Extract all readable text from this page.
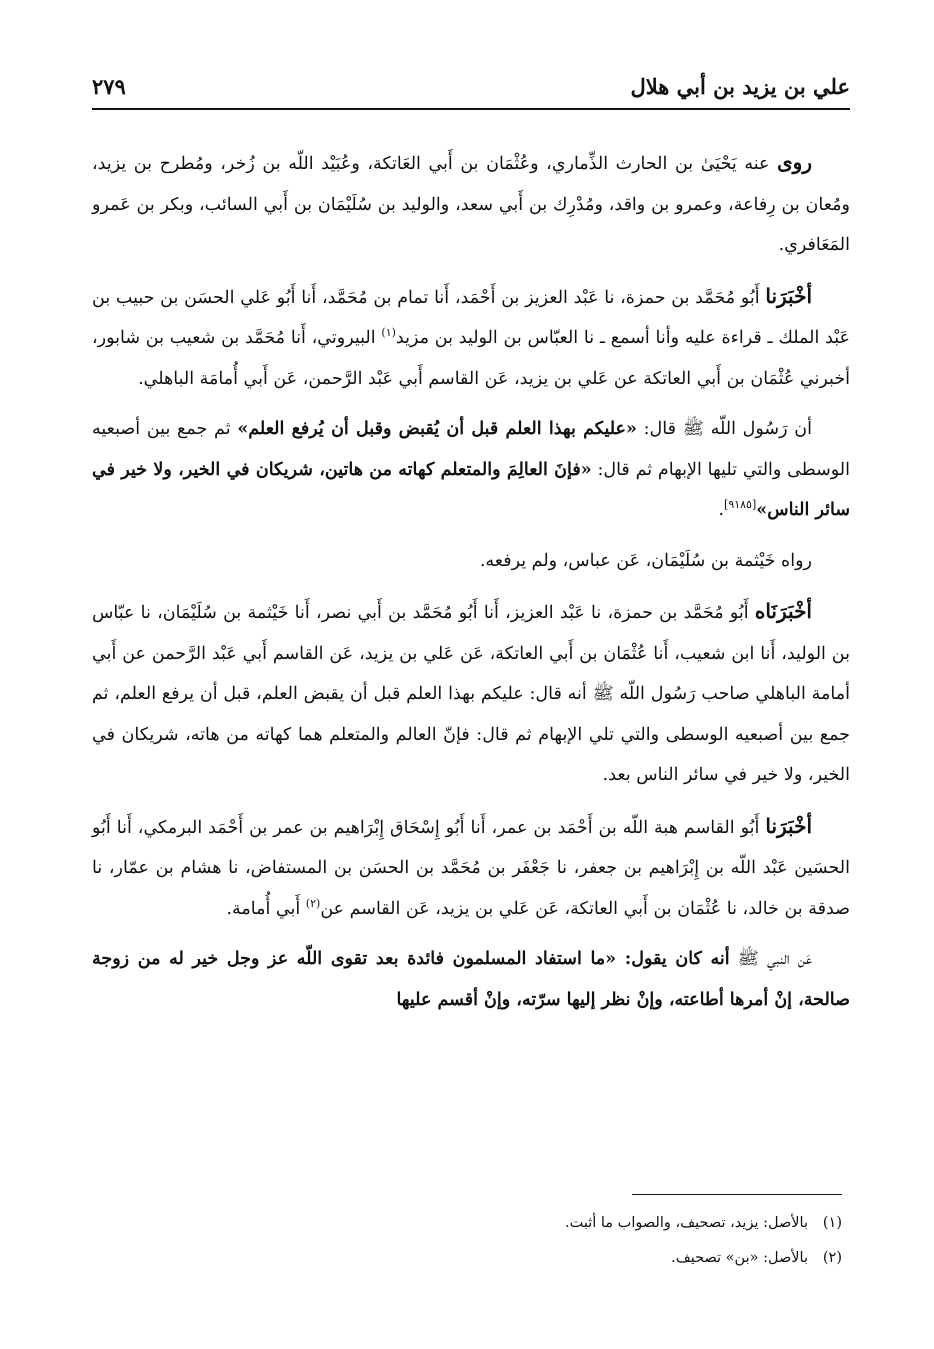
علي بن يزيد بن أبي هلال
٢٧٩

روى عنه يَحْيَىٰ بن الحارث الذِّماري، وعُثْمَان بن أَبي العَاتكة، وعُبَيْد اللّه بن زُخر، ومُطرح بن يزيد، ومُعان بن رِفاعة، وعمرو بن واقد، ومُدْرِك بن أَبي سعد، والوليد بن سُلَيْمَان بن أَبي السائب، وبكر بن عَمرو المَعَافري.

أخْبَرَنا أَبُو مُحَمَّد بن حمزة، نا عَبْد العزيز بن أَحْمَد، أَنا تمام بن مُحَمَّد، أَنا أَبُو عَلي الحسَن بن حبيب بن عَبْد الملك ـ قراءة عليه وأنا أسمع ـ نا العبّاس بن الوليد بن مزيد$^{(١)}$ البيروتي، أَنا مُحَمَّد بن شعيب بن شابور، أخبرني عُثْمَان بن أَبي العاتكة عن عَلي بن يزيد، عَن القاسم أَبي عَبْد الرَّحمن، عَن أَبي أُمامَة الباهلي.

أن رَسُول اللّه ﷺ قال: «عليكم بهذا العلم قبل أن يُقبض وقبل أن يُرفع العلم» ثم جمع بين أصبعيه الوسطى والتي تليها الإبهام ثم قال: «فإنَ العالِمَ والمتعلم كهاته من هاتين، شريكان في الخير، ولا خير في سائر الناس»[٩١٨٥].

رواه خَيْثمة بن سُلَيْمَان، عَن عباس، ولم يرفعه.

أخْبَرَنَاه أَبُو مُحَمَّد بن حمزة، نا عَبْد العزيز، أَنا أَبُو مُحَمَّد بن أَبي نصر، أَنا خَيْثمة بن سُلَيْمَان، نا عبّاس بن الوليد، أَنا ابن شعيب، أَنا عُثْمَان بن أَبي العاتكة، عَن عَلي بن يزيد، عَن القاسم أَبي عَبْد الرَّحمن عن أَبي أمامة الباهلي صاحب رَسُول اللّه ﷺ أنه قال: عليكم بهذا العلم قبل أن يقبض العلم، قبل أن يرفع العلم، ثم جمع بين أصبعيه الوسطى والتي تلي الإبهام ثم قال: فإنّ العالم والمتعلم هما كهاته من هاته، شريكان في الخير، ولا خير في سائر الناس بعد.

أخْبَرَنا أَبُو القاسم هبة اللّه بن أَحْمَد بن عمر، أَنا أَبُو إِسْحَاق إِبْرَاهيم بن عمر بن أَحْمَد البرمكي، أَنا أَبُو الحسَين عَبْد اللّه بن إِبْرَاهيم بن جعفر، نا جَعْفَر بن مُحَمَّد بن الحسَن بن المستفاض، نا هشام بن عمّار، نا صدقة بن خالد، نا عُثْمَان بن أَبي العاتكة، عَن عَلي بن يزيد، عَن القاسم عن$^{(٢)}$ أَبي أُمامة.

عَن النبي ﷺ أنه كان يقول: «ما استفاد المسلمون فائدة بعد تقوى اللّه عز وجل خير له من زوجة صالحة، إنْ أمرها أطاعته، وإنْ نظر إليها سرّته، وإنْ أقسم عليها

(١)بالأصل: يزيد، تصحيف، والصواب ما أثبت.
(٢)بالأصل: «بن» تصحيف.
